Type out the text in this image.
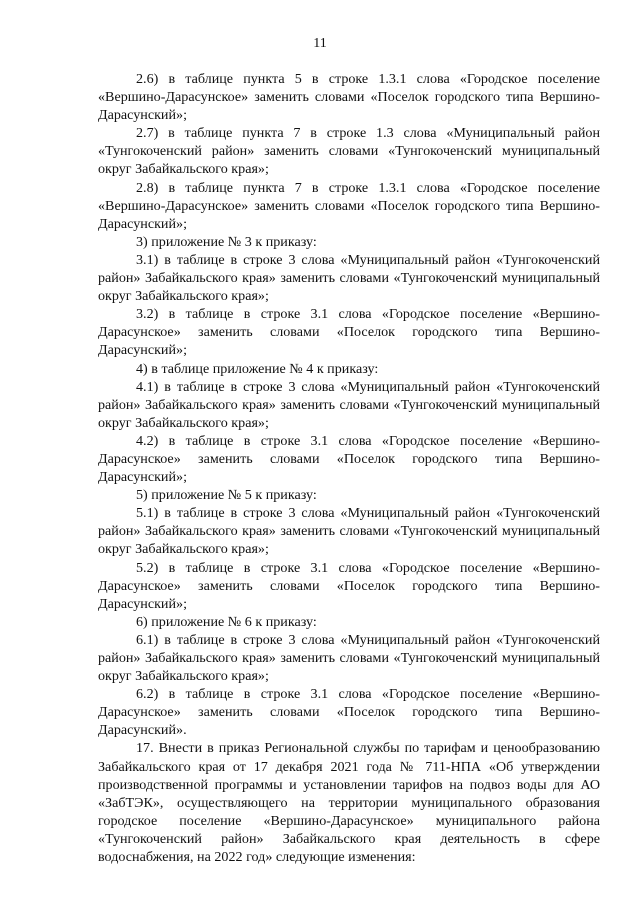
11

2.6) в таблице пункта 5 в строке 1.3.1 слова «Городское поселение «Вершино-Дарасунское» заменить словами «Поселок городского типа Вершино-Дарасунский»;

2.7) в таблице пункта 7 в строке 1.3 слова «Муниципальный район «Тунгокоченский район» заменить словами «Тунгокоченский муниципальный округ Забайкальского края»;

2.8) в таблице пункта 7 в строке 1.3.1 слова «Городское поселение «Вершино-Дарасунское» заменить словами «Поселок городского типа Вершино-Дарасунский»;

3) приложение № 3 к приказу:

3.1) в таблице в строке 3 слова «Муниципальный район «Тунгокоченский район» Забайкальского края» заменить словами «Тунгокоченский муниципальный округ Забайкальского края»;

3.2) в таблице в строке 3.1 слова «Городское поселение «Вершино-Дарасунское» заменить словами «Поселок городского типа Вершино-Дарасунский»;

4) в таблице приложение № 4 к приказу:

4.1) в таблице в строке 3 слова «Муниципальный район «Тунгокоченский район» Забайкальского края» заменить словами «Тунгокоченский муниципальный округ Забайкальского края»;

4.2) в таблице в строке 3.1 слова «Городское поселение «Вершино-Дарасунское» заменить словами «Поселок городского типа Вершино-Дарасунский»;

5) приложение № 5 к приказу:

5.1) в таблице в строке 3 слова «Муниципальный район «Тунгокоченский район» Забайкальского края» заменить словами «Тунгокоченский муниципальный округ Забайкальского края»;

5.2) в таблице в строке 3.1 слова «Городское поселение «Вершино-Дарасунское» заменить словами «Поселок городского типа Вершино-Дарасунский»;

6) приложение № 6 к приказу:

6.1) в таблице в строке 3 слова «Муниципальный район «Тунгокоченский район» Забайкальского края» заменить словами «Тунгокоченский муниципальный округ Забайкальского края»;

6.2) в таблице в строке 3.1 слова «Городское поселение «Вершино-Дарасунское» заменить словами «Поселок городского типа Вершино-Дарасунский».

17. Внести в приказ Региональной службы по тарифам и ценообразованию Забайкальского края от 17 декабря 2021 года № 711-НПА «Об утверждении производственной программы и установлении тарифов на подвоз воды для АО «ЗабТЭК», осуществляющего на территории муниципального образования городское поселение «Вершино-Дарасунское» муниципального района «Тунгокоченский район» Забайкальского края деятельность в сфере водоснабжения, на 2022 год» следующие изменения:
